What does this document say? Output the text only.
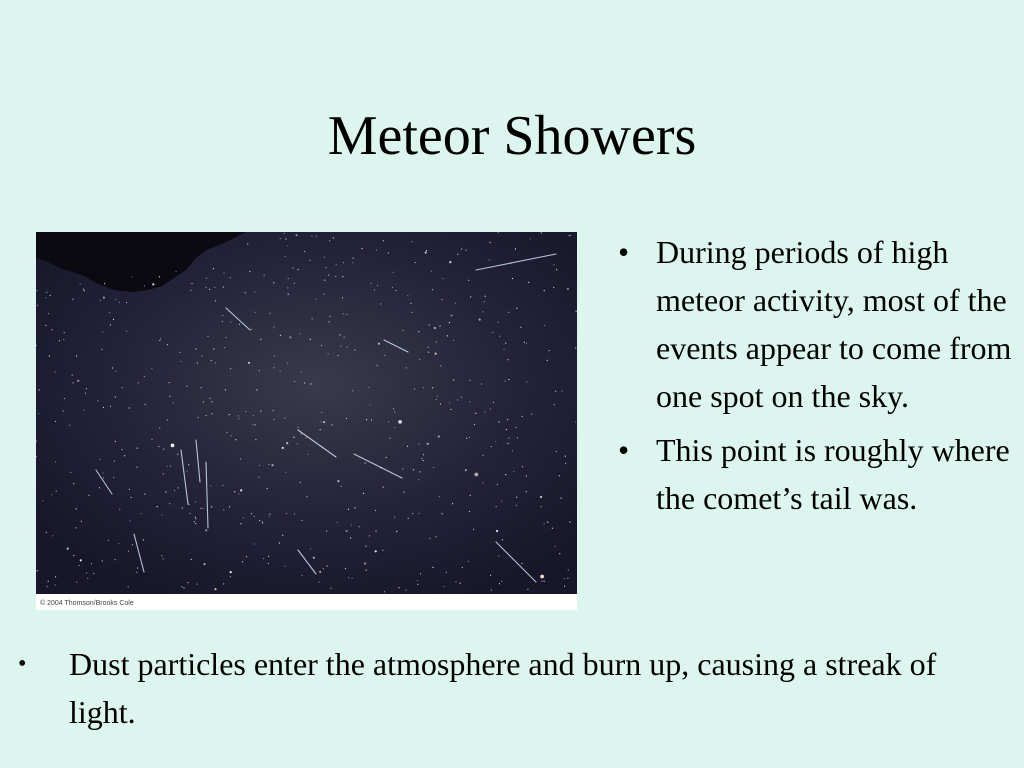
Meteor Showers
© 2004 Thomson/Brooks Cole
• During periods of high meteor activity, most of the events appear to come from one spot on the sky.
• This point is roughly where the comet’s tail was.
•	Dust particles enter the atmosphere and burn up, causing a streak of light.
